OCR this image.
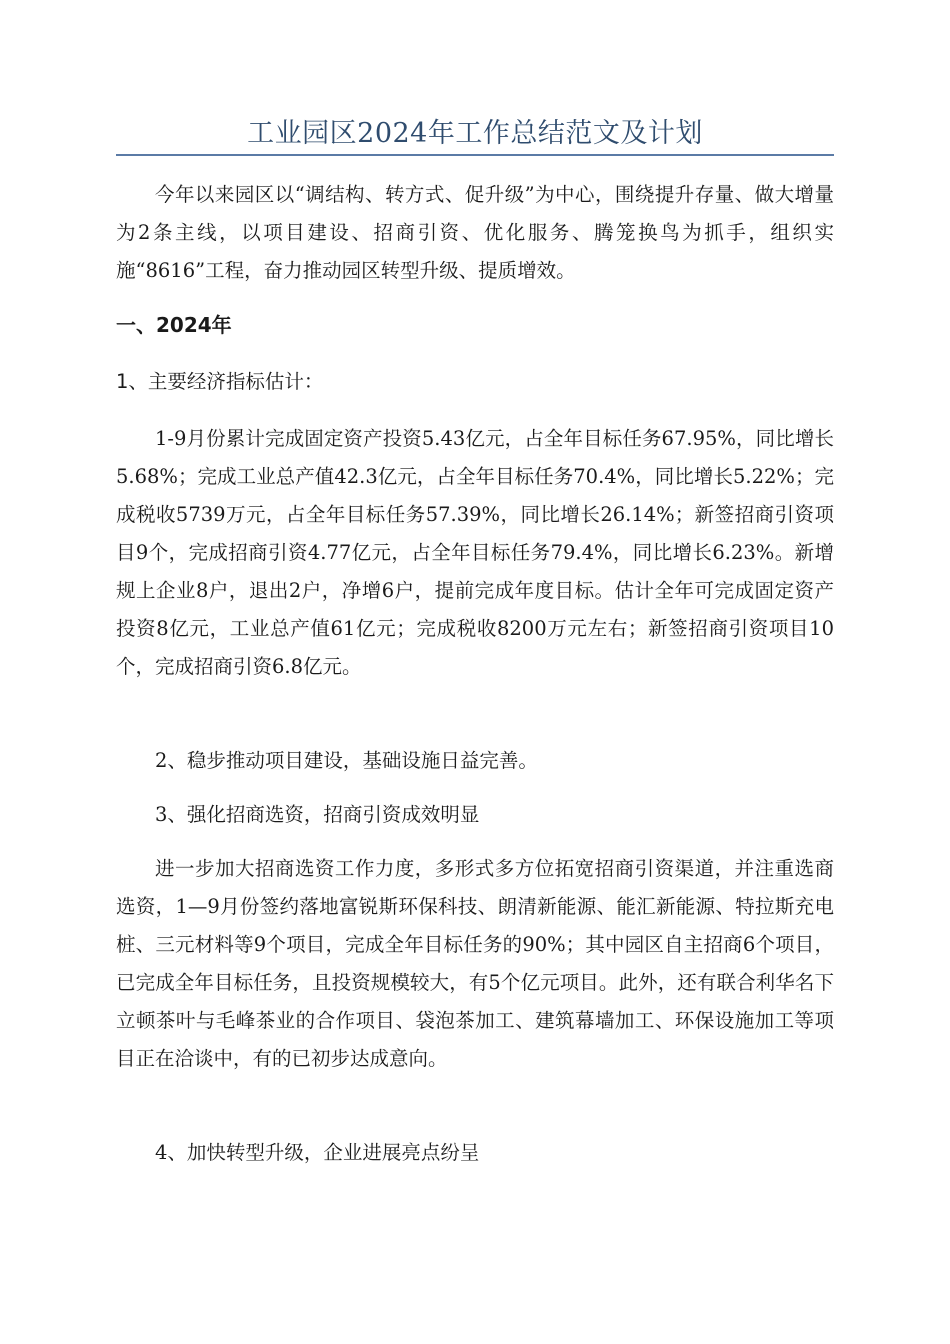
工业园区2024年工作总结范文及计划

今年以来园区以“调结构、转方式、促升级”为中心，围绕提升存量、做大增量为2条主线，以项目建设、招商引资、优化服务、腾笼换鸟为抓手，组织实施“8616”工程，奋力推动园区转型升级、提质增效。

一、2024年

1、主要经济指标估计：

1-9月份累计完成固定资产投资5.43亿元，占全年目标任务67.95%，同比增长5.68%；完成工业总产值42.3亿元，占全年目标任务70.4%，同比增长5.22%；完成税收5739万元，占全年目标任务57.39%，同比增长26.14%；新签招商引资项目9个，完成招商引资4.77亿元，占全年目标任务79.4%，同比增长6.23%。新增规上企业8户，退出2户，净增6户，提前完成年度目标。估计全年可完成固定资产投资8亿元，工业总产值61亿元；完成税收8200万元左右；新签招商引资项目10个，完成招商引资6.8亿元。

2、稳步推动项目建设，基础设施日益完善。

3、强化招商选资，招商引资成效明显

进一步加大招商选资工作力度，多形式多方位拓宽招商引资渠道，并注重选商选资，1—9月份签约落地富锐斯环保科技、朗清新能源、能汇新能源、特拉斯充电桩、三元材料等9个项目，完成全年目标任务的90%；其中园区自主招商6个项目，已完成全年目标任务，且投资规模较大，有5个亿元项目。此外，还有联合利华名下立顿茶叶与毛峰茶业的合作项目、袋泡茶加工、建筑幕墙加工、环保设施加工等项目正在洽谈中，有的已初步达成意向。

4、加快转型升级，企业进展亮点纷呈
